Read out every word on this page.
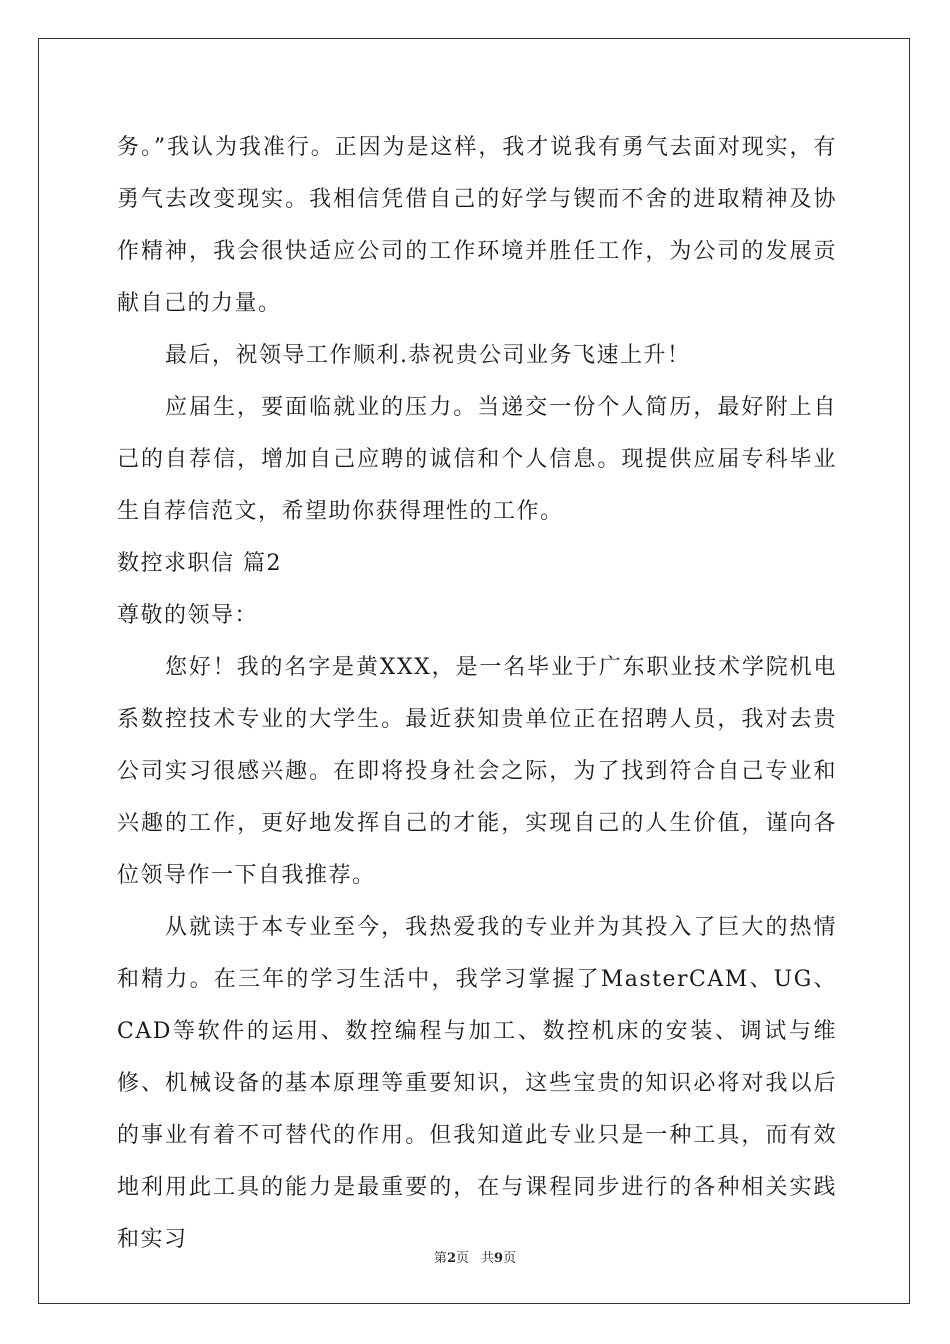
务。”我认为我准行。正因为是这样，我才说我有勇气去面对现实，有勇气去改变现实。我相信凭借自己的好学与锲而不舍的进取精神及协作精神，我会很快适应公司的工作环境并胜任工作，为公司的发展贡献自己的力量。

最后，祝领导工作顺利.恭祝贵公司业务飞速上升！

应届生，要面临就业的压力。当递交一份个人简历，最好附上自己的自荐信，增加自己应聘的诚信和个人信息。现提供应届专科毕业生自荐信范文，希望助你获得理性的工作。

数控求职信 篇2

尊敬的领导：

您好！我的名字是黄XXX，是一名毕业于广东职业技术学院机电系数控技术专业的大学生。最近获知贵单位正在招聘人员，我对去贵公司实习很感兴趣。在即将投身社会之际，为了找到符合自己专业和兴趣的工作，更好地发挥自己的才能，实现自己的人生价值，谨向各位领导作一下自我推荐。

从就读于本专业至今，我热爱我的专业并为其投入了巨大的热情和精力。在三年的学习生活中，我学习掌握了MasterCAM、UG、CAD等软件的运用、数控编程与加工、数控机床的安装、调试与维修、机械设备的基本原理等重要知识，这些宝贵的知识必将对我以后的事业有着不可替代的作用。但我知道此专业只是一种工具，而有效地利用此工具的能力是最重要的，在与课程同步进行的各种相关实践和实习

第2页 共9页
